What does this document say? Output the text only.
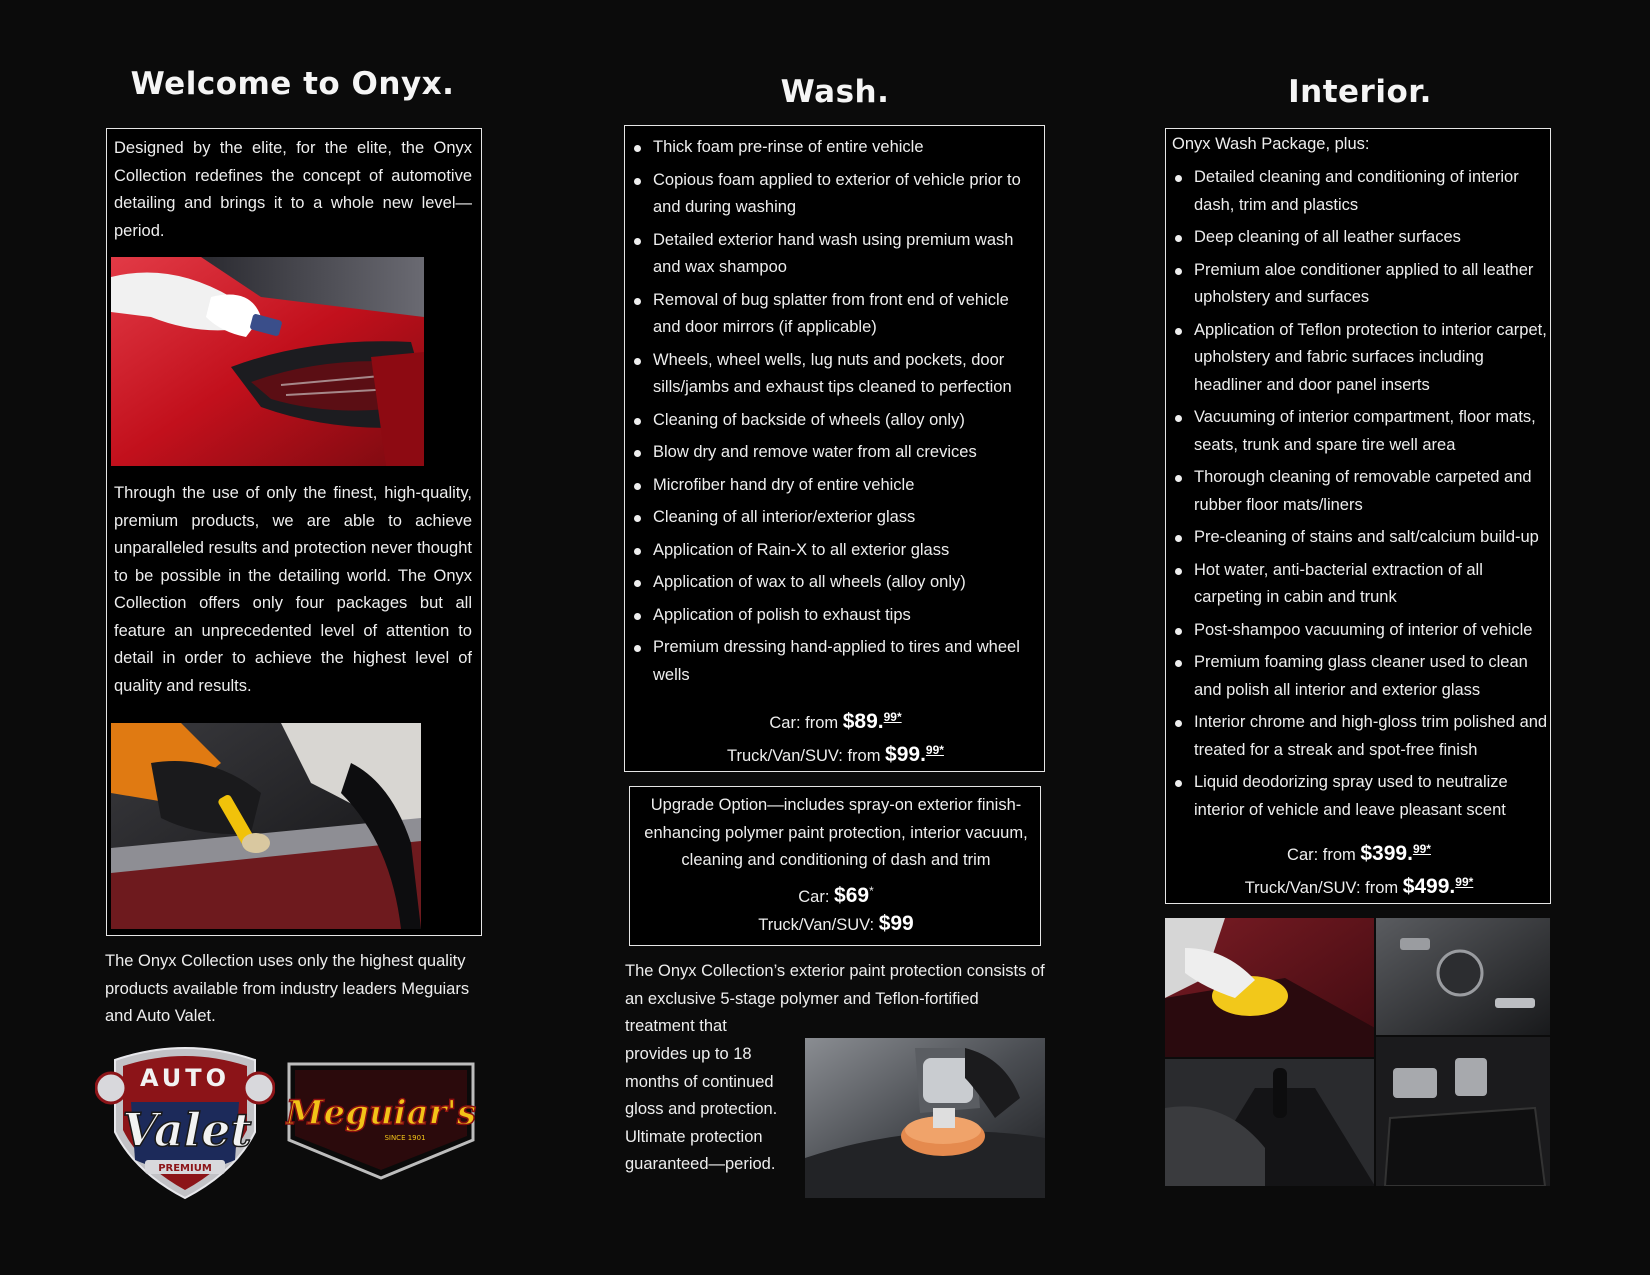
Welcome to Onyx.

Designed by the elite, for the elite, the Onyx Collection redefines the concept of automotive detailing and brings it to a whole new level—period.

Through the use of only the finest, high-quality, premium products, we are able to achieve unparalleled results and protection never thought to be possible in the detailing world. The Onyx Collection offers only four packages but all feature an unprecedented level of attention to detail in order to achieve the highest level of quality and results.

The Onyx Collection uses only the highest quality products available from industry leaders Meguiars and Auto Valet.

AUTO
Valet
PREMIUM
Meguiar's
SINCE 1901
Wash.
Thick foam pre-rinse of entire vehicle
Copious foam applied to exterior of vehicle prior to and during washing
Detailed exterior hand wash using premium wash and wax shampoo
Removal of bug splatter from front end of vehicle and door mirrors (if applicable)
Wheels, wheel wells, lug nuts and pockets, door sills/jambs and exhaust tips cleaned to perfection
Cleaning of backside of wheels (alloy only)
Blow dry and remove water from all crevices
Microfiber hand dry of entire vehicle
Cleaning of all interior/exterior glass
Application of Rain-X to all exterior glass
Application of wax to all wheels (alloy only)
Application of polish to exhaust tips
Premium dressing hand-applied to tires and wheel wells
Car: from $89.$^{99*}$
Truck/Van/SUV: from $99.$^{99*}$

Upgrade Option—includes spray-on exterior finish-enhancing polymer paint protection, interior vacuum, cleaning and conditioning of dash and trim

Car: $69*
Truck/Van/SUV: $99

The Onyx Collection’s exterior paint protection consists of an exclusive 5-stage polymer and Teflon-fortified treatment that

provides up to 18 months of continued gloss and protection. Ultimate protection guaranteed—period.

Interior.

Onyx Wash Package, plus:

Detailed cleaning and conditioning of interior dash, trim and plastics
Deep cleaning of all leather surfaces
Premium aloe conditioner applied to all leather upholstery and surfaces
Application of Teflon protection to interior carpet, upholstery and fabric surfaces including headliner and door panel inserts
Vacuuming of interior compartment, floor mats, seats, trunk and spare tire well area
Thorough cleaning of removable carpeted and rubber floor mats/liners
Pre-cleaning of stains and salt/calcium build-up
Hot water, anti-bacterial extraction of all carpeting in cabin and trunk
Post-shampoo vacuuming of interior of vehicle
Premium foaming glass cleaner used to clean and polish all interior and exterior glass
Interior chrome and high-gloss trim polished and treated for a streak and spot-free finish
Liquid deodorizing spray used to neutralize interior of vehicle and leave pleasant scent
Car: from $399.$^{99*}$
Truck/Van/SUV: from $499.$^{99*}$
